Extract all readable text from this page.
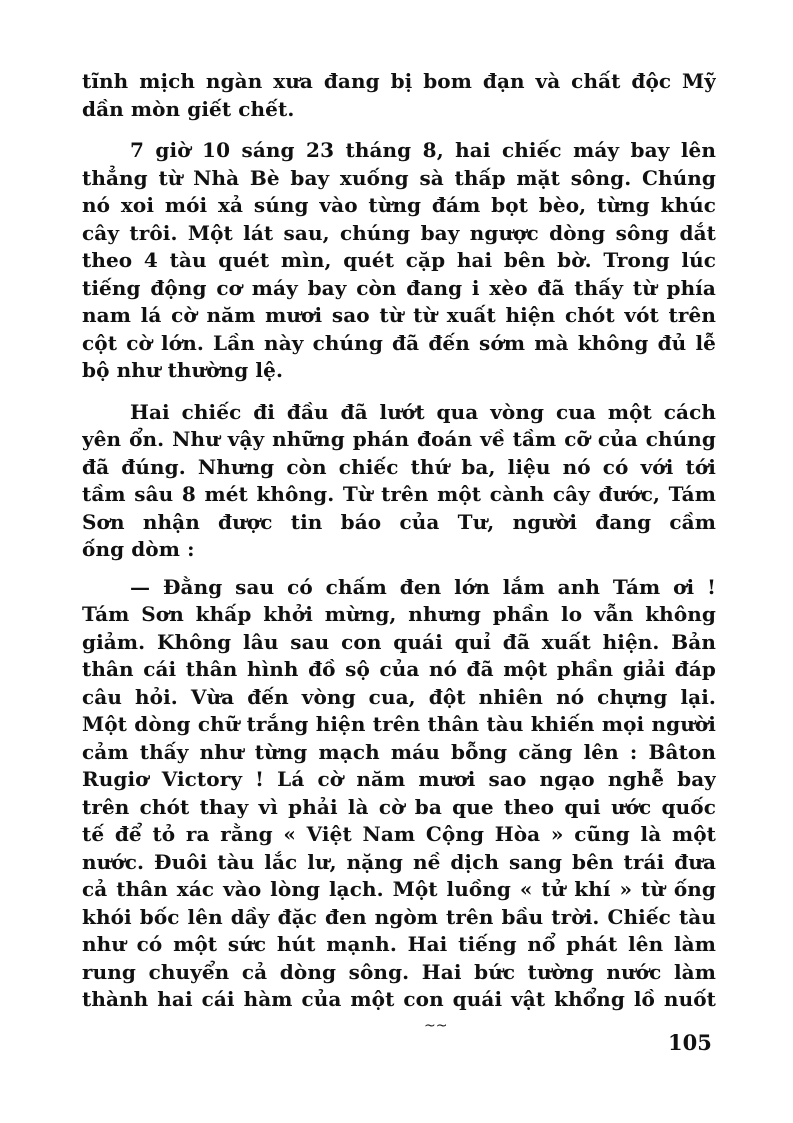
tĩnh mịch ngàn xưa đang bị bom đạn và chất độc Mỹ
dần mòn giết chết.

7 giờ 10 sáng 23 tháng 8, hai chiếc máy bay lên
thẳng từ Nhà Bè bay xuống sà thấp mặt sông. Chúng
nó xoi mói xả súng vào từng đám bọt bèo, từng khúc
cây trôi. Một lát sau, chúng bay ngược dòng sông dắt
theo 4 tàu quét mìn, quét cặp hai bên bờ. Trong lúc
tiếng động cơ máy bay còn đang i xèo đã thấy từ phía
nam lá cờ năm mươi sao từ từ xuất hiện chót vót trên
cột cờ lớn. Lần này chúng đã đến sớm mà không đủ lễ
bộ như thường lệ.

Hai chiếc đi đầu đã lướt qua vòng cua một cách
yên ổn. Như vậy những phán đoán về tầm cỡ của chúng
đã đúng. Nhưng còn chiếc thứ ba, liệu nó có với tới
tầm sâu 8 mét không. Từ trên một cành cây đước, Tám
Sơn nhận được tin báo của Tư, người đang cầm
ống dòm :

— Đằng sau có chấm đen lớn lắm anh Tám ơi !
Tám Sơn khấp khởi mừng, nhưng phần lo vẫn không
giảm. Không lâu sau con quái quỉ đã xuất hiện. Bản
thân cái thân hình đồ sộ của nó đã một phần giải đáp
câu hỏi. Vừa đến vòng cua, đột nhiên nó chựng lại.
Một dòng chữ trắng hiện trên thân tàu khiến mọi người
cảm thấy như từng mạch máu bỗng căng lên : Bâton
Rugiơ Victory ! Lá cờ năm mươi sao ngạo nghễ bay
trên chót thay vì phải là cờ ba que theo qui ước quốc
tế để tỏ ra rằng « Việt Nam Cộng Hòa » cũng là một
nước. Đuôi tàu lắc lư, nặng nề dịch sang bên trái đưa
cả thân xác vào lòng lạch. Một luồng « tử khí » từ ống
khói bốc lên dầy đặc đen ngòm trên bầu trời. Chiếc tàu
như có một sức hút mạnh. Hai tiếng nổ phát lên làm
rung chuyển cả dòng sông. Hai bức tường nước làm
thành hai cái hàm của một con quái vật khổng lồ nuốt

~~
105
